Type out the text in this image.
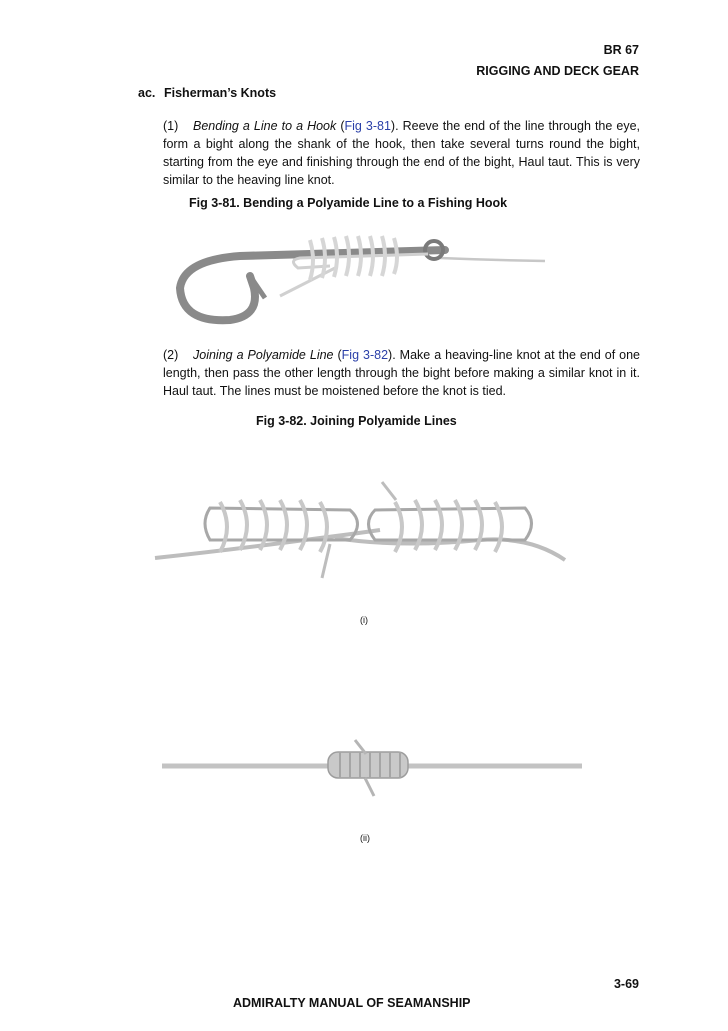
BR 67
RIGGING AND DECK GEAR
ac. Fisherman’s Knots
(1) Bending a Line to a Hook (Fig 3-81). Reeve the end of the line through the eye, form a bight along the shank of the hook, then take several turns round the bight, starting from the eye and finishing through the end of the bight, Haul taut. This is very similar to the heaving line knot.
Fig 3-81. Bending a Polyamide Line to a Fishing Hook
(2) Joining a Polyamide Line (Fig 3-82). Make a heaving-line knot at the end of one length, then pass the other length through the bight before making a similar knot in it. Haul taut. The lines must be moistened before the knot is tied.
Fig 3-82. Joining Polyamide Lines
(i)
(ii)
3-69
ADMIRALTY MANUAL OF SEAMANSHIP
